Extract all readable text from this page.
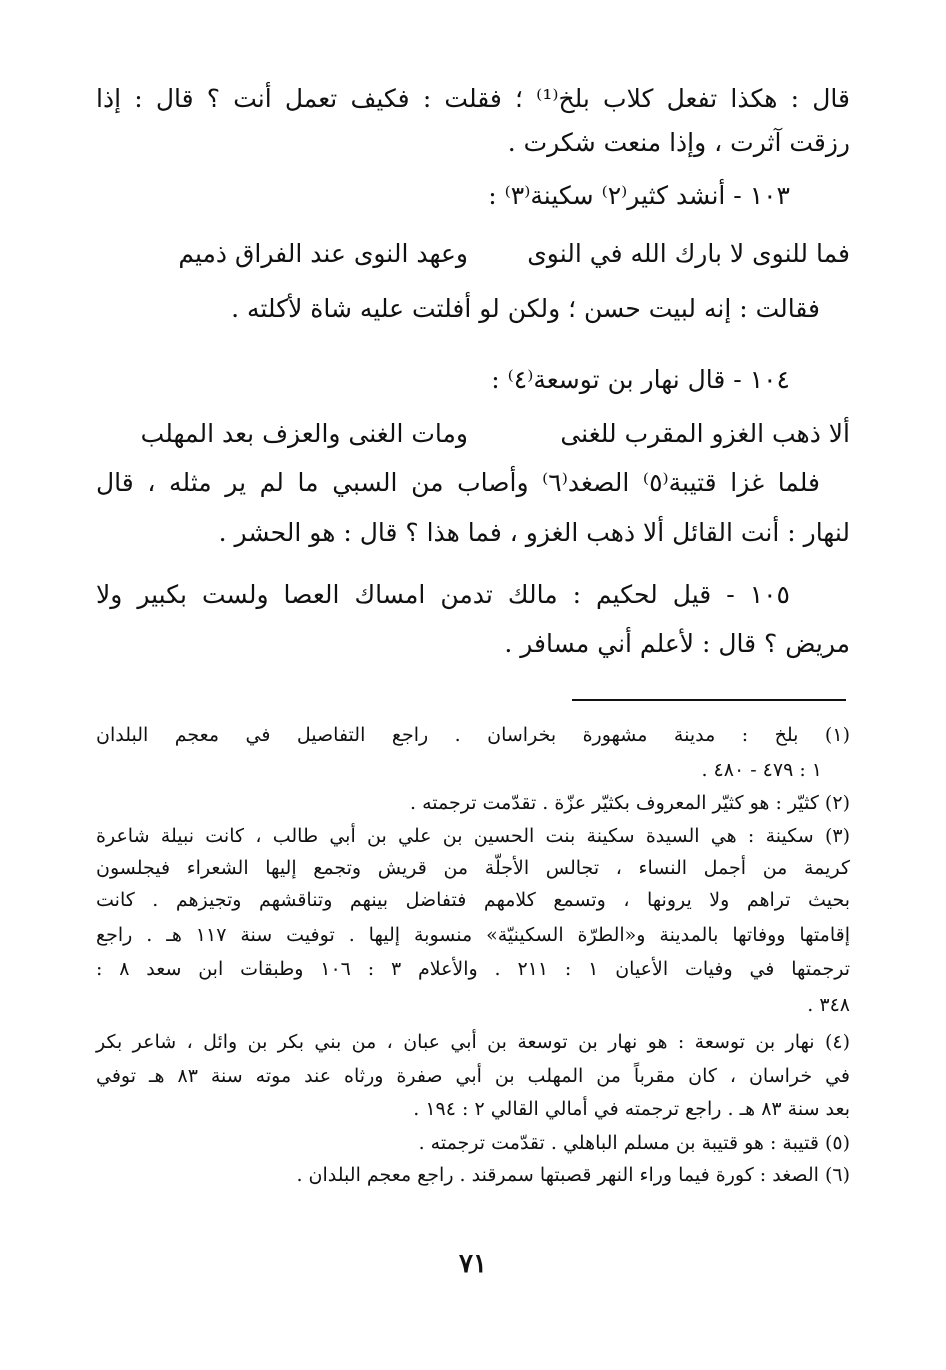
قال : هكذا تفعل كلاب بلخ⁽¹⁾ ؛ فقلت : فكيف تعمل أنت ؟ قال : إذا
رزقت آثرت ، وإذا منعت شكرت .
١٠٣ - أنشد كثير⁽٢⁾ سكينة⁽٣⁾ :
فما للنوى لا بارك الله في النوى
وعهد النوى عند الفراق ذميم
فقالت : إنه لبيت حسن ؛ ولكن لو أفلتت عليه شاة لأكلته .
١٠٤ - قال نهار بن توسعة⁽٤⁾ :
ألا ذهب الغزو المقرب للغنى
ومات الغنى والعزف بعد المهلب
فلما غزا قتيبة⁽٥⁾ الصغد⁽٦⁾ وأصاب من السبي ما لم ير مثله ، قال
لنهار : أنت القائل ألا ذهب الغزو ، فما هذا ؟ قال : هو الحشر .
١٠٥ - قيل لحكيم : مالك تدمن امساك العصا ولست بكبير ولا
مريض ؟ قال : لأعلم أني مسافر .
(١) بلخ : مدينة مشهورة بخراسان . راجع التفاصيل في معجم البلدان
١ : ٤٧٩ - ٤٨٠ .
(٢) كثيّر : هو كثيّر المعروف بكثيّر عزّة . تقدّمت ترجمته .
(٣) سكينة : هي السيدة سكينة بنت الحسين بن علي بن أبي طالب ، كانت نبيلة شاعرة
كريمة من أجمل النساء ، تجالس الأجلّة من قريش وتجمع إليها الشعراء فيجلسون
بحيث تراهم ولا يرونها ، وتسمع كلامهم فتفاضل بينهم وتناقشهم وتجيزهم . كانت
إقامتها ووفاتها بالمدينة و«الطرّة السكينيّة» منسوبة إليها . توفيت سنة ١١٧ هـ . راجع
ترجمتها في وفيات الأعيان ١ : ٢١١ . والأعلام ٣ : ١٠٦ وطبقات ابن سعد ٨ :
٣٤٨ .
(٤) نهار بن توسعة : هو نهار بن توسعة بن أبي عبان ، من بني بكر بن وائل ، شاعر بكر
في خراسان ، كان مقرباً من المهلب بن أبي صفرة ورثاه عند موته سنة ٨٣ هـ توفي
بعد سنة ٨٣ هـ . راجع ترجمته في أمالي القالي ٢ : ١٩٤ .
(٥) قتيبة : هو قتيبة بن مسلم الباهلي . تقدّمت ترجمته .
(٦) الصغد : كورة فيما وراء النهر قصبتها سمرقند . راجع معجم البلدان .
٧١
